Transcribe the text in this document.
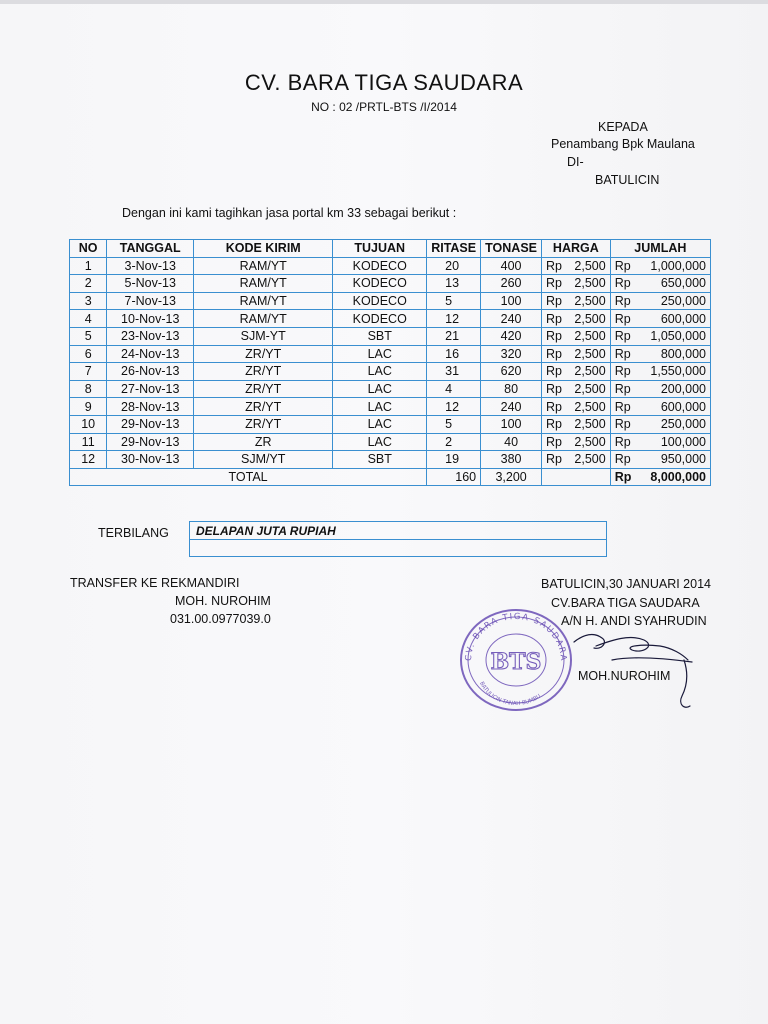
CV. BARA TIGA SAUDARA
NO : 02 /PRTL-BTS /I/2014
KEPADA
Penambang Bpk Maulana
DI-
BATULICIN
Dengan ini kami tagihkan jasa portal km 33 sebagai berikut :
NO	TANGGAL	KODE KIRIM	TUJUAN	RITASE	TONASE	HARGA		JUMLAH	
1	3-Nov-13	RAM/YT	KODECO	20	400	Rp	2,500	Rp	1,000,000
2	5-Nov-13	RAM/YT	KODECO	13	260	Rp	2,500	Rp	650,000
3	7-Nov-13	RAM/YT	KODECO	5	100	Rp	2,500	Rp	250,000
4	10-Nov-13	RAM/YT	KODECO	12	240	Rp	2,500	Rp	600,000
5	23-Nov-13	SJM-YT	SBT	21	420	Rp	2,500	Rp	1,050,000
6	24-Nov-13	ZR/YT	LAC	16	320	Rp	2,500	Rp	800,000
7	26-Nov-13	ZR/YT	LAC	31	620	Rp	2,500	Rp	1,550,000
8	27-Nov-13	ZR/YT	LAC	4	80	Rp	2,500	Rp	200,000
9	28-Nov-13	ZR/YT	LAC	12	240	Rp	2,500	Rp	600,000
10	29-Nov-13	ZR/YT	LAC	5	100	Rp	2,500	Rp	250,000
11	29-Nov-13	ZR	LAC	2	40	Rp	2,500	Rp	100,000
12	30-Nov-13	SJM/YT	SBT	19	380	Rp	2,500	Rp	950,000
TOTAL				160	3,200			Rp	8,000,000
TERBILANG DELAPAN JUTA RUPIAH
TRANSFER KE REKMANDIRI
MOH. NUROHIM
031.00.0977039.0
BATULICIN,30 JANUARI 2014
CV.BARA TIGA SAUDARA
A/N H. ANDI SYAHRUDIN
MOH.NUROHIM
CV. BARA TIGA SAUDARA
BATULICIN TANAH BUMBU
BTS
